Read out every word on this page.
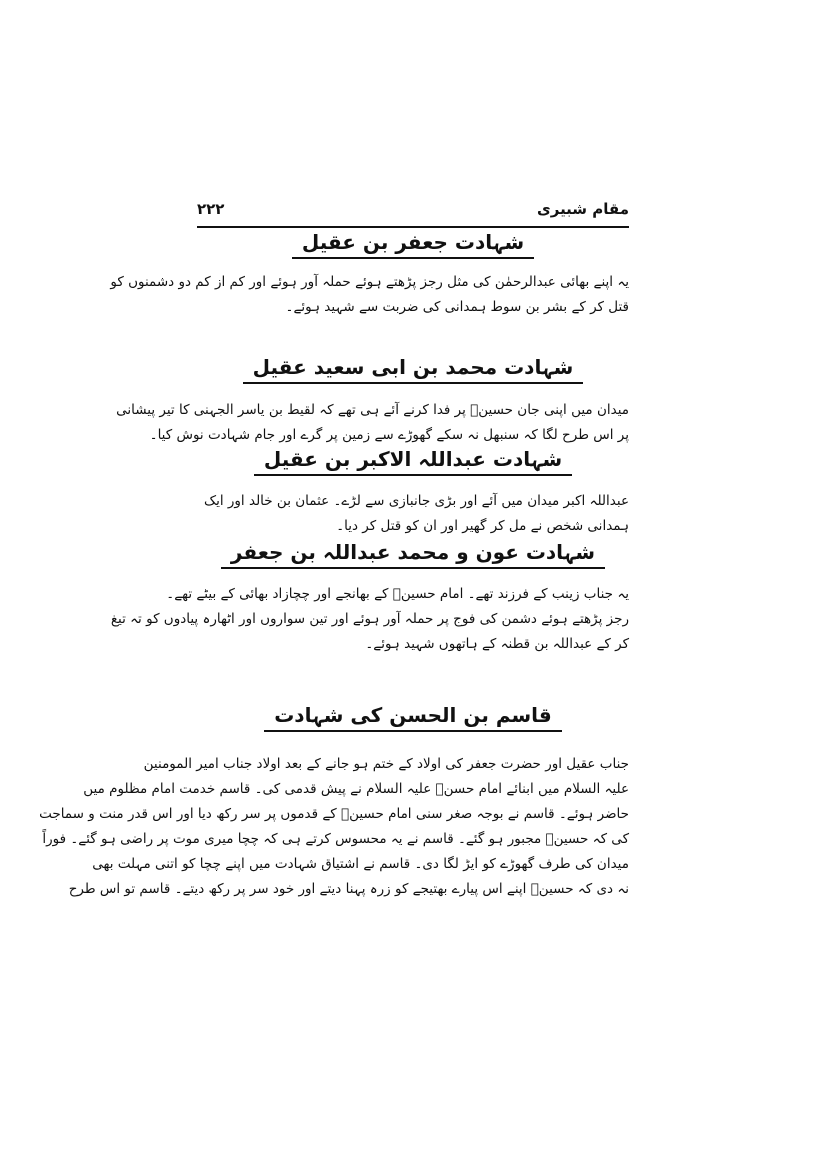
مقام شبیری
۲۲۲
شہادت جعفر بن عقیل
یہ اپنے بھائی عبدالرحمٰن کی مثل رجز پڑھتے ہوئے حملہ آور ہوئے اور کم از کم دو دشمنوں کو
قتل کر کے بشر بن سوط ہمدانی کی ضربت سے شہید ہوئے۔
شہادت محمد بن ابی سعید عقیل
میدان میں اپنی جان حسینؑ پر فدا کرنے آئے ہی تھے کہ لقیط بن یاسر الجہنی کا تیر پیشانی
پر اس طرح لگا کہ سنبھل نہ سکے گھوڑے سے زمین پر گرے اور جام شہادت نوش کیا۔
شہادت عبداللہ الاکبر بن عقیل
عبداللہ اکبر میدان میں آئے اور بڑی جانبازی سے لڑے۔ عثمان بن خالد اور ایک
ہمدانی شخص نے مل کر گھیر اور ان کو قتل کر دیا۔
شہادت عون و محمد عبداللہ بن جعفر
یہ جناب زینب کے فرزند تھے۔ امام حسینؑ کے بھانجے اور چچازاد بھائی کے بیٹے تھے۔
رجز پڑھتے ہوئے دشمن کی فوج پر حملہ آور ہوئے اور تین سواروں اور اٹھارہ پیادوں کو تہ تیغ
کر کے عبداللہ بن قطنہ کے ہاتھوں شہید ہوئے۔
قاسم بن الحسن کی شہادت
جناب عقیل اور حضرت جعفر کی اولاد کے ختم ہو جانے کے بعد اولاد جناب امیر المومنین
علیہ السلام میں ابنائے امام حسنؑ علیہ السلام نے پیش قدمی کی۔ قاسم خدمت امام مظلوم میں
حاضر ہوئے۔ قاسم نے بوجہ صغر سنی امام حسینؑ کے قدموں پر سر رکھ دیا اور اس قدر منت و سماجت
کی کہ حسینؑ مجبور ہو گئے۔ قاسم نے یہ محسوس کرتے ہی کہ چچا میری موت پر راضی ہو گئے۔ فوراً
میدان کی طرف گھوڑے کو ایڑ لگا دی۔ قاسم نے اشتیاق شہادت میں اپنے چچا کو اتنی مہلت بھی
نہ دی کہ حسینؑ اپنے اس پیارے بھتیجے کو زرہ پہنا دیتے اور خود سر پر رکھ دیتے۔ قاسم تو اس طرح
